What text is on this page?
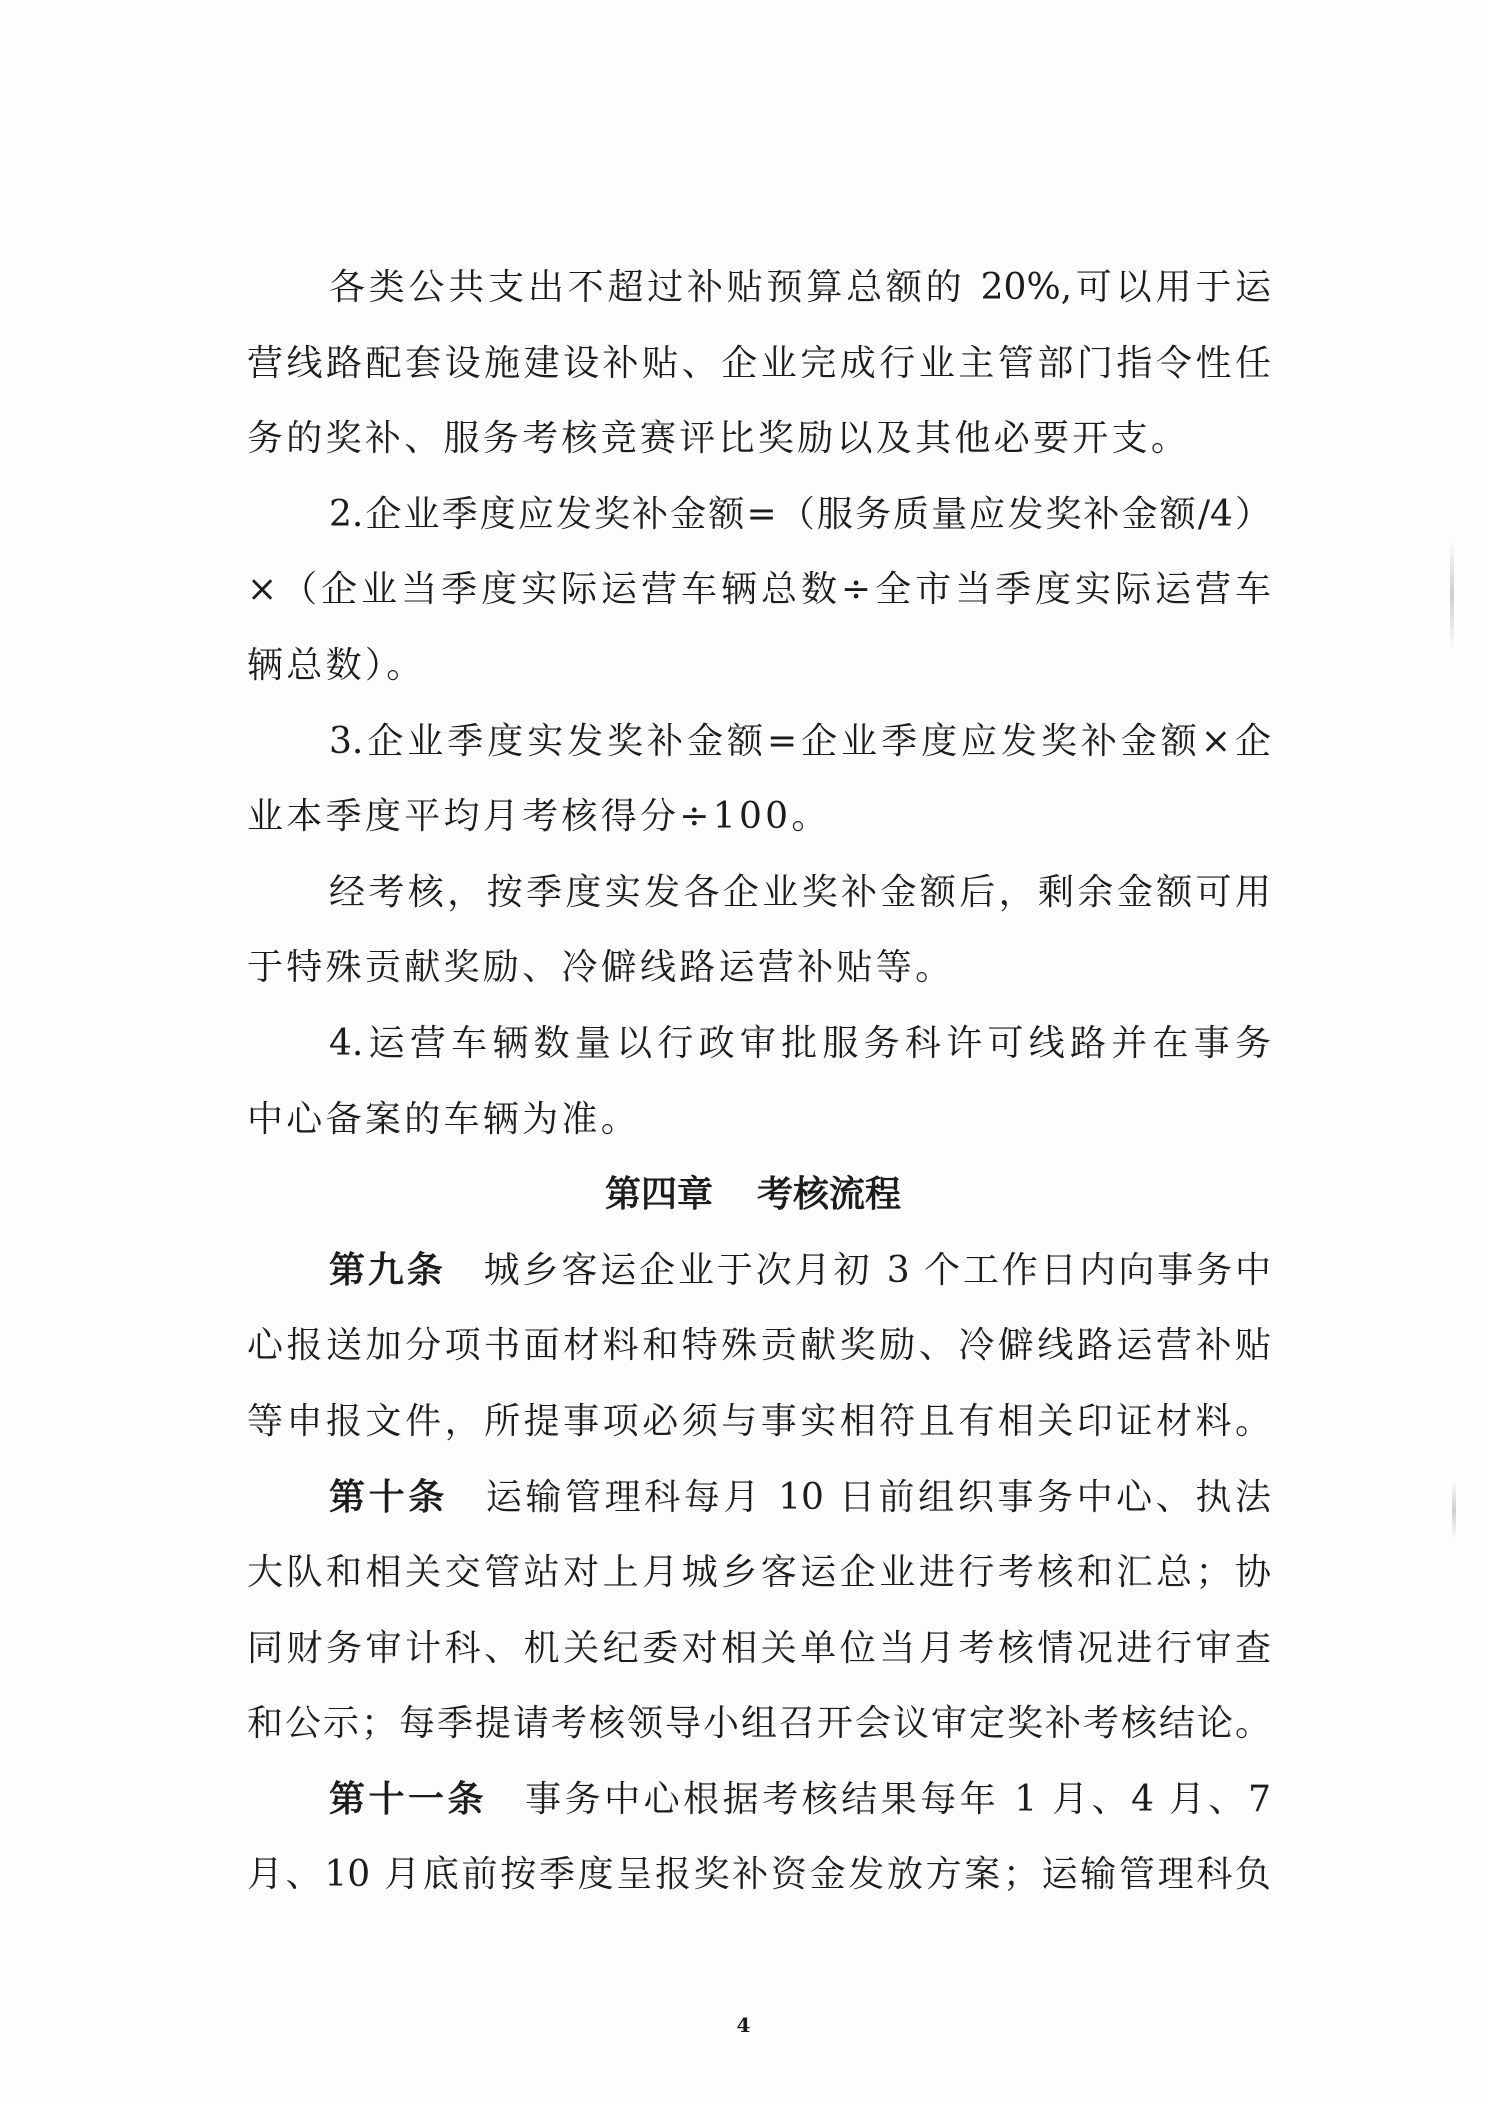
各类公共支出不超过补贴预算总额的 20%,可以用于运
营线路配套设施建设补贴、企业完成行业主管部门指令性任
务的奖补、服务考核竞赛评比奖励以及其他必要开支。
2.企业季度应发奖补金额=（服务质量应发奖补金额/4）
×（企业当季度实际运营车辆总数÷全市当季度实际运营车
辆总数）。
3.企业季度实发奖补金额=企业季度应发奖补金额×企
业本季度平均月考核得分÷100。
经考核，按季度实发各企业奖补金额后，剩余金额可用
于特殊贡献奖励、冷僻线路运营补贴等。
4.运营车辆数量以行政审批服务科许可线路并在事务
中心备案的车辆为准。
第四章 考核流程
第九条 城乡客运企业于次月初 3 个工作日内向事务中
心报送加分项书面材料和特殊贡献奖励、冷僻线路运营补贴
等申报文件，所提事项必须与事实相符且有相关印证材料。
第十条 运输管理科每月 10 日前组织事务中心、执法
大队和相关交管站对上月城乡客运企业进行考核和汇总；协
同财务审计科、机关纪委对相关单位当月考核情况进行审查
和公示；每季提请考核领导小组召开会议审定奖补考核结论。
第十一条 事务中心根据考核结果每年 1 月、4 月、7
月、10 月底前按季度呈报奖补资金发放方案；运输管理科负
4
